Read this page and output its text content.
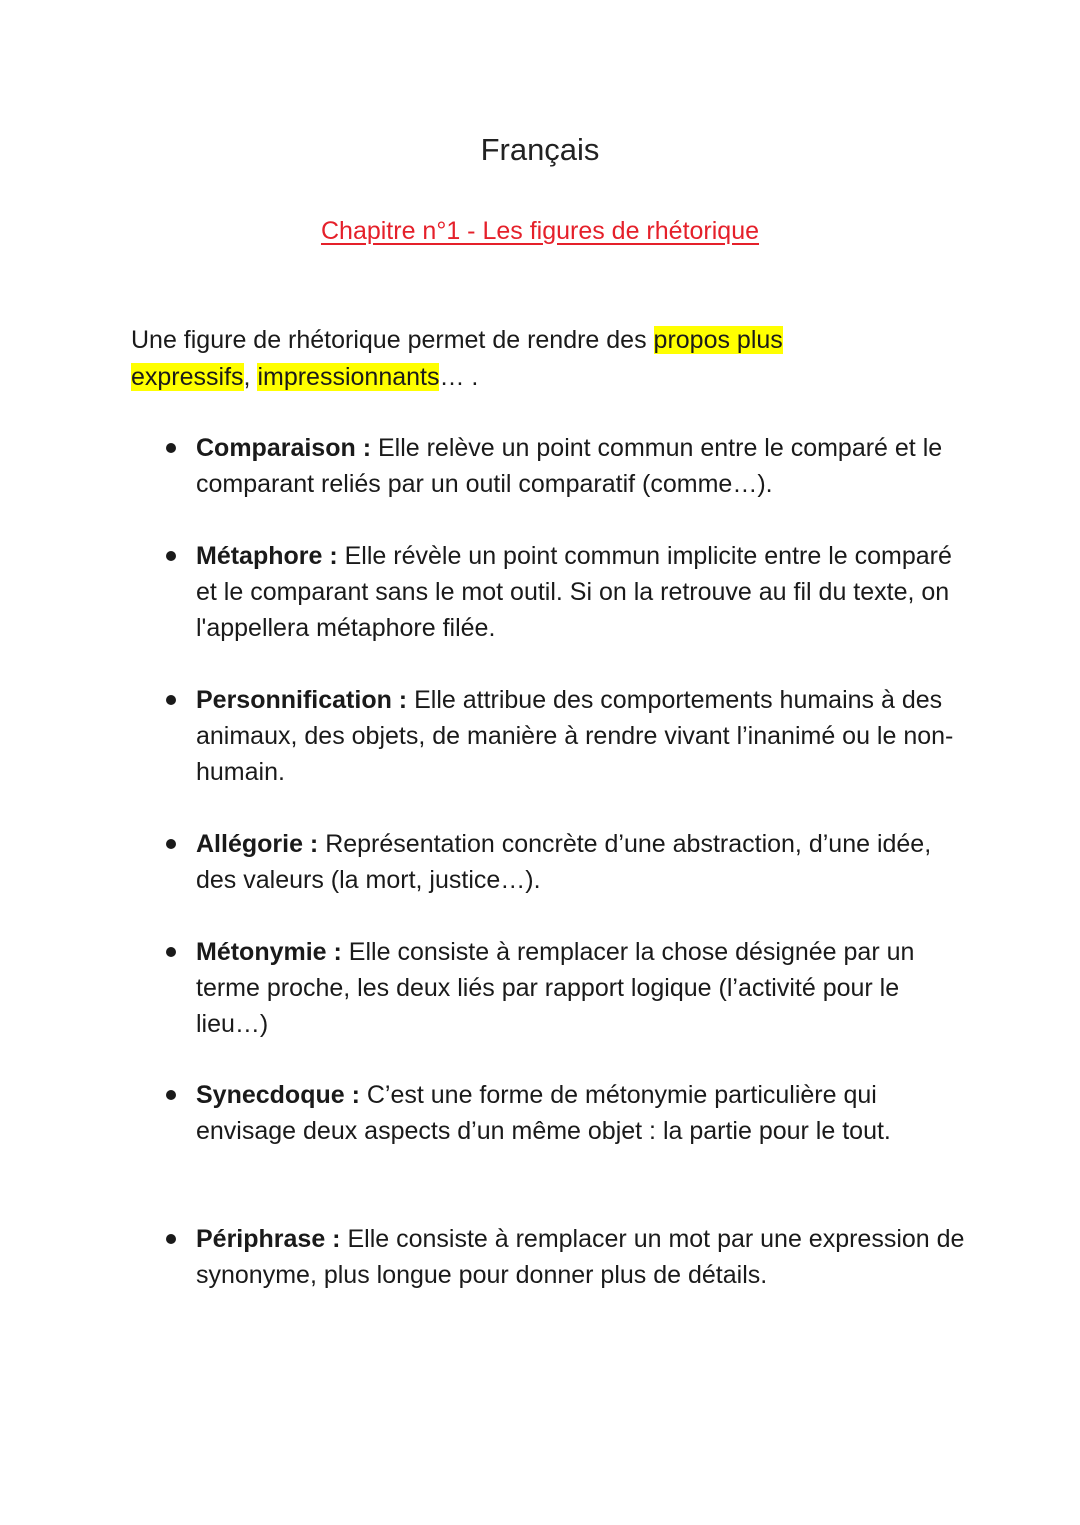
Français
Chapitre n°1 - Les figures de rhétorique

Une figure de rhétorique permet de rendre des propos plus
expressifs, impressionnants… .

Comparaison : Elle relève un point commun entre le comparé et le comparant reliés par un outil comparatif (comme…).
Métaphore : Elle révèle un point commun implicite entre le comparé et le comparant sans le mot outil. Si on la retrouve au fil du texte, on l'appellera métaphore filée.
Personnification : Elle attribue des comportements humains à des animaux, des objets, de manière à rendre vivant l’inanimé ou le non-humain.
Allégorie : Représentation concrète d’une abstraction, d’une idée, des valeurs (la mort, justice…).
Métonymie : Elle consiste à remplacer la chose désignée par un terme proche, les deux liés par rapport logique (l’activité pour le lieu…)
Synecdoque : C’est une forme de métonymie particulière qui envisage deux aspects d’un même objet : la partie pour le tout.
Périphrase : Elle consiste à remplacer un mot par une expression de synonyme, plus longue pour donner plus de détails.
